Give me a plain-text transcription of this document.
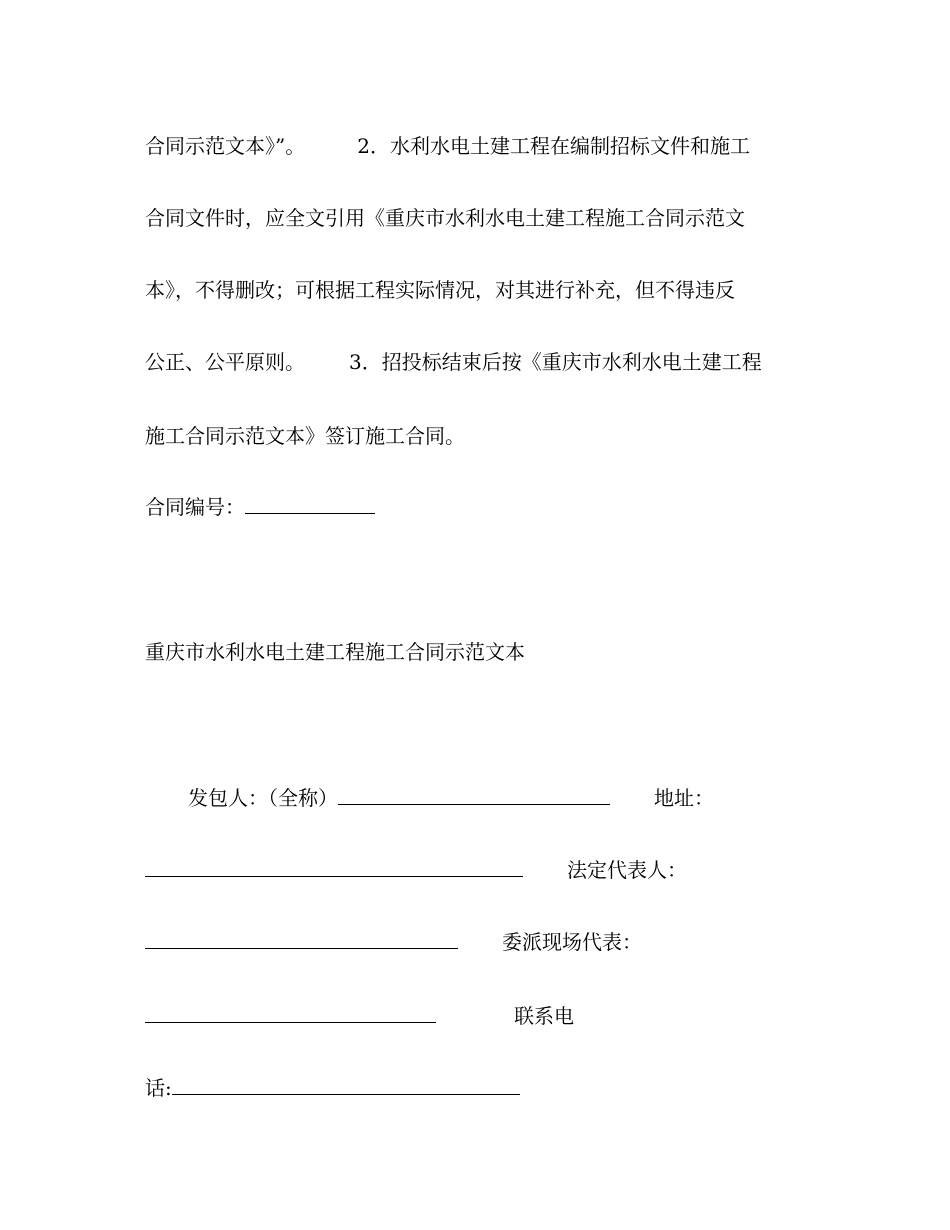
合同示范文本》”。	2．水利水电土建工程在编制招标文件和施工
合同文件时，应全文引用《重庆市水利水电土建工程施工合同示范文
本》，不得删改；可根据工程实际情况，对其进行补充，但不得违反
公正、公平原则。 3．招投标结束后按《重庆市水利水电土建工程
施工合同示范文本》签订施工合同。
合同编号：
重庆市水利水电土建工程施工合同示范文本
发包人：（全称）	地址：
法定代表人：
委派现场代表：
联系电
话:
